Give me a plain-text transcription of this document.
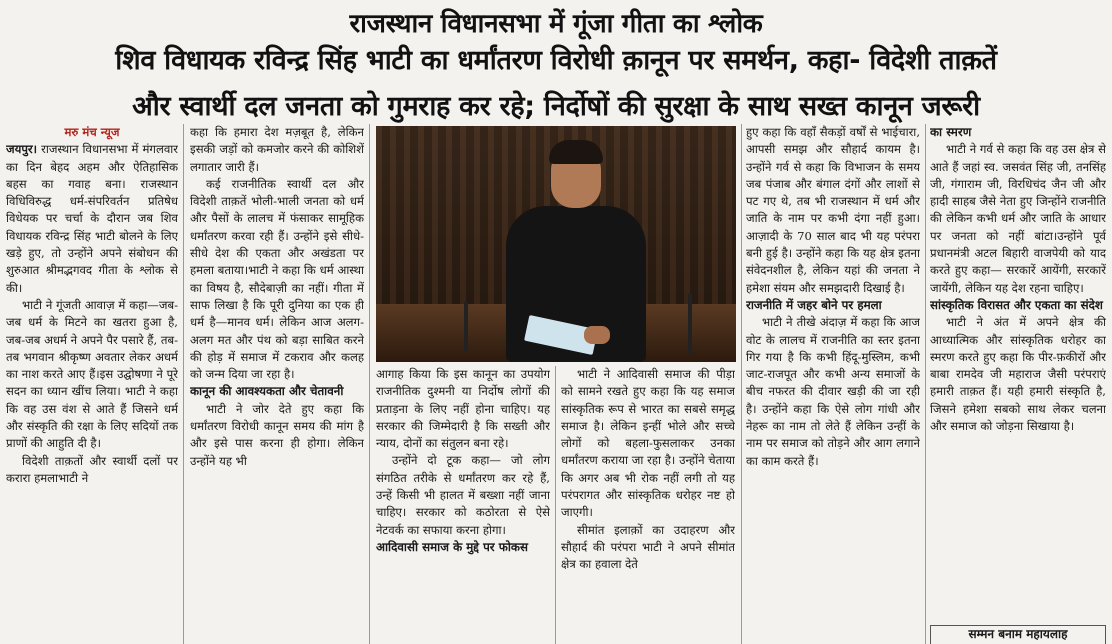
राजस्थान विधानसभा में गूंजा गीता का श्लोक
शिव विधायक रविन्द्र सिंह भाटी का धर्मांतरण विरोधी क़ानून पर समर्थन, कहा- विदेशी ताक़तें
और स्वार्थी दल जनता को गुमराह कर रहे; निर्दोषों की सुरक्षा के साथ सख्त कानून जरूरी

मरु मंच न्यूज

जयपुर। राजस्थान विधानसभा में मंगलवार का दिन बेहद अहम और ऐतिहासिक बहस का गवाह बना। राजस्थान विधिविरुद्ध धर्म-संपरिवर्तन प्रतिषेध विधेयक पर चर्चा के दौरान जब शिव विधायक रविन्द्र सिंह भाटी बोलने के लिए खड़े हुए, तो उन्होंने अपने संबोधन की शुरुआत श्रीमद्भगवद गीता के श्लोक से की।

भाटी ने गूंजती आवाज़ में कहा—जब-जब धर्म के मिटने का खतरा हुआ है, जब-जब अधर्म ने अपने पैर पसारे हैं, तब-तब भगवान श्रीकृष्ण अवतार लेकर अधर्म का नाश करते आए हैं।इस उद्घोषणा ने पूरे सदन का ध्यान खींच लिया। भाटी ने कहा कि वह उस वंश से आते हैं जिसने धर्म और संस्कृति की रक्षा के लिए सदियों तक प्राणों की आहुति दी है।

विदेशी ताक़तों और स्वार्थी दलों पर करारा हमलाभाटी ने

कहा कि हमारा देश मज़बूत है, लेकिन इसकी जड़ों को कमजोर करने की कोशिशें लगातार जारी हैं।

कई राजनीतिक स्वार्थी दल और विदेशी ताक़तें भोली-भाली जनता को धर्म और पैसों के लालच में फंसाकर सामूहिक धर्मांतरण करवा रही हैं। उन्होंने इसे सीधे-सीधे देश की एकता और अखंडता पर हमला बताया।भाटी ने कहा कि धर्म आस्था का विषय है, सौदेबाज़ी का नहीं। गीता में साफ लिखा है कि पूरी दुनिया का एक ही धर्म है—मानव धर्म। लेकिन आज अलग-अलग मत और पंथ को बड़ा साबित करने की होड़ में समाज में टकराव और कलह को जन्म दिया जा रहा है।

कानून की आवश्यकता और चेतावनी

भाटी ने जोर देते हुए कहा कि धर्मांतरण विरोधी कानून समय की मांग है और इसे पास करना ही होगा। लेकिन उन्होंने यह भी

आगाह किया कि इस कानून का उपयोग राजनीतिक दुश्मनी या निर्दोष लोगों की प्रताड़ना के लिए नहीं होना चाहिए। यह सरकार की जिम्मेदारी है कि सख्ती और न्याय, दोनों का संतुलन बना रहे।

उन्होंने दो टूक कहा— जो लोग संगठित तरीके से धर्मांतरण कर रहे हैं, उन्हें किसी भी हालत में बख्शा नहीं जाना चाहिए। सरकार को कठोरता से ऐसे नेटवर्क का सफाया करना होगा।

आदिवासी समाज के मुद्दे पर फोकस

भाटी ने आदिवासी समाज की पीड़ा को सामने रखते हुए कहा कि यह समाज सांस्कृतिक रूप से भारत का सबसे समृद्ध समाज है। लेकिन इन्हीं भोले और सच्चे लोगों को बहला-फुसलाकर उनका धर्मांतरण कराया जा रहा है। उन्होंने चेताया कि अगर अब भी रोक नहीं लगी तो यह परंपरागत और सांस्कृतिक धरोहर नष्ट हो जाएगी।

सीमांत इलाक़ों का उदाहरण और सौहार्द की परंपरा भाटी ने अपने सीमांत क्षेत्र का हवाला देते

हुए कहा कि वहाँ सैकड़ों वर्षों से भाईचारा, आपसी समझ और सौहार्द कायम है। उन्होंने गर्व से कहा कि विभाजन के समय जब पंजाब और बंगाल दंगों और लाशों से पट गए थे, तब भी राजस्थान में धर्म और जाति के नाम पर कभी दंगा नहीं हुआ। आज़ादी के 70 साल बाद भी यह परंपरा बनी हुई है। उन्होंने कहा कि यह क्षेत्र इतना संवेदनशील है, लेकिन यहां की जनता ने हमेशा संयम और समझदारी दिखाई है।

राजनीति में जहर बोने पर हमला

भाटी ने तीखे अंदाज़ में कहा कि आज वोट के लालच में राजनीति का स्तर इतना गिर गया है कि कभी हिंदू-मुस्लिम, कभी जाट-राजपूत और कभी अन्य समाजों के बीच नफरत की दीवार खड़ी की जा रही है। उन्होंने कहा कि ऐसे लोग गांधी और नेहरू का नाम तो लेते हैं लेकिन उन्हीं के नाम पर समाज को तोड़ने और आग लगाने का काम करते हैं।

का स्मरण

भाटी ने गर्व से कहा कि वह उस क्षेत्र से आते हैं जहां स्व. जसवंत सिंह जी, तनसिंह जी, गंगाराम जी, विरधिचंद जैन जी और हादी साहब जैसे नेता हुए जिन्होंने राजनीति की लेकिन कभी धर्म और जाति के आधार पर जनता को नहीं बांटा।उन्होंने पूर्व प्रधानमंत्री अटल बिहारी वाजपेयी को याद करते हुए कहा— सरकारें आयेंगी, सरकारें जायेंगी, लेकिन यह देश रहना चाहिए।

सांस्कृतिक विरासत और एकता का संदेश

भाटी ने अंत में अपने क्षेत्र की आध्यात्मिक और सांस्कृतिक धरोहर का स्मरण करते हुए कहा कि पीर-फ़कीरों और बाबा रामदेव जी महाराज जैसी परंपराएं हमारी ताक़त हैं। यही हमारी संस्कृति है, जिसने हमेशा सबको साथ लेकर चलना और समाज को जोड़ना सिखाया है।

सम्मन बनाम महायलाह
